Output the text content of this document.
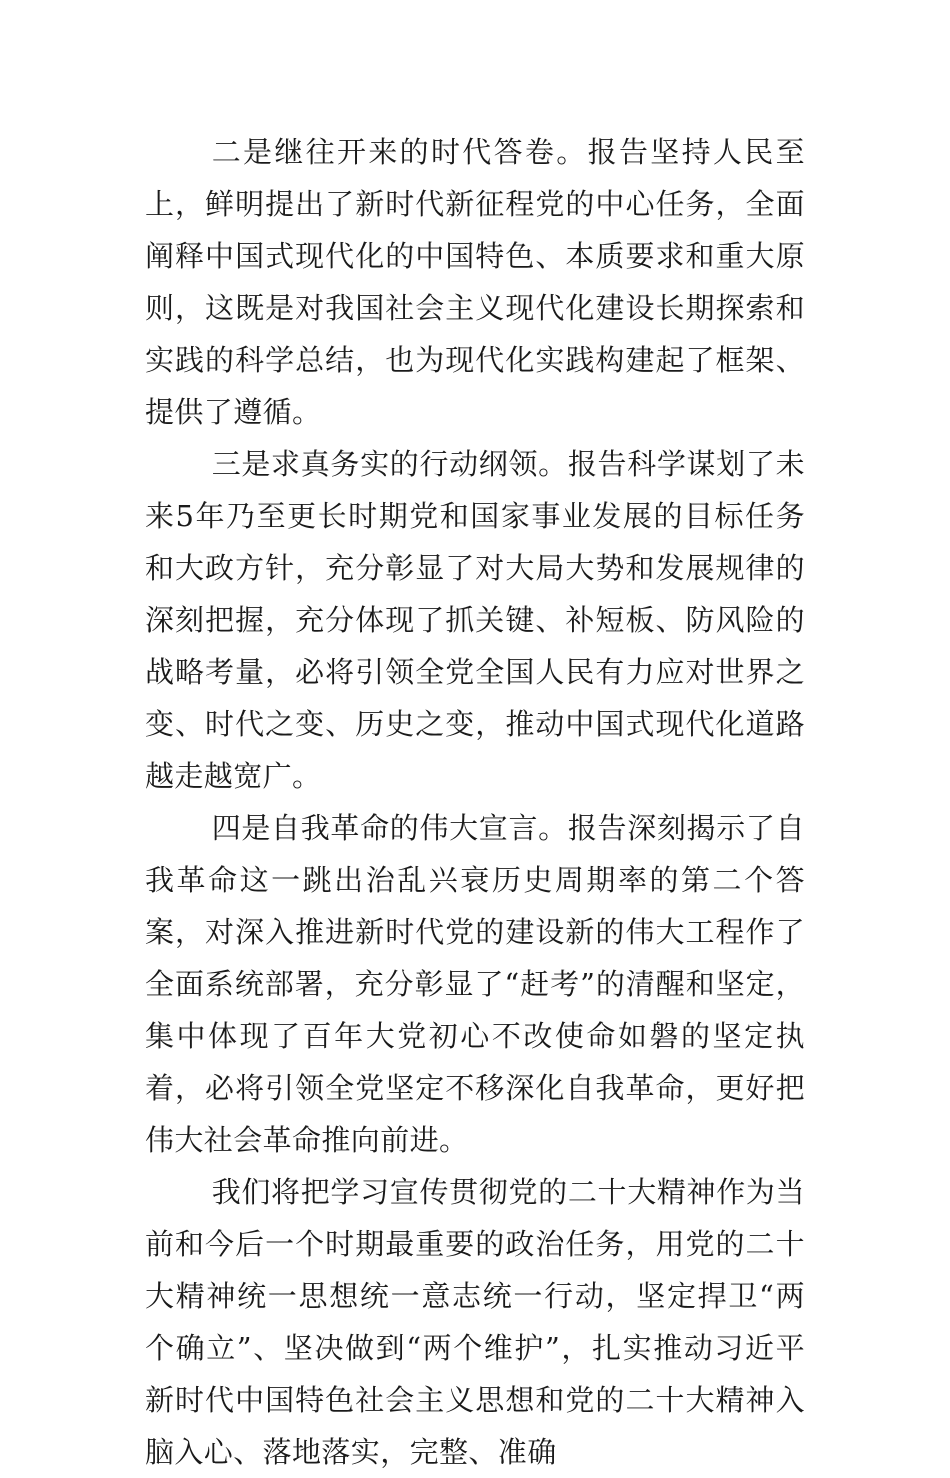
二是继往开来的时代答卷。报告坚持人民至上，鲜明提出了新时代新征程党的中心任务，全面阐释中国式现代化的中国特色、本质要求和重大原则，这既是对我国社会主义现代化建设长期探索和实践的科学总结，也为现代化实践构建起了框架、提供了遵循。

三是求真务实的行动纲领。报告科学谋划了未来5年乃至更长时期党和国家事业发展的目标任务和大政方针，充分彰显了对大局大势和发展规律的深刻把握，充分体现了抓关键、补短板、防风险的战略考量，必将引领全党全国人民有力应对世界之变、时代之变、历史之变，推动中国式现代化道路越走越宽广。

四是自我革命的伟大宣言。报告深刻揭示了自我革命这一跳出治乱兴衰历史周期率的第二个答案，对深入推进新时代党的建设新的伟大工程作了全面系统部署，充分彰显了“赶考”的清醒和坚定，集中体现了百年大党初心不改使命如磐的坚定执着，必将引领全党坚定不移深化自我革命，更好把伟大社会革命推向前进。

我们将把学习宣传贯彻党的二十大精神作为当前和今后一个时期最重要的政治任务，用党的二十大精神统一思想统一意志统一行动，坚定捍卫“两个确立”、坚决做到“两个维护”，扎实推动习近平新时代中国特色社会主义思想和党的二十大精神入脑入心、落地落实，完整、准确
